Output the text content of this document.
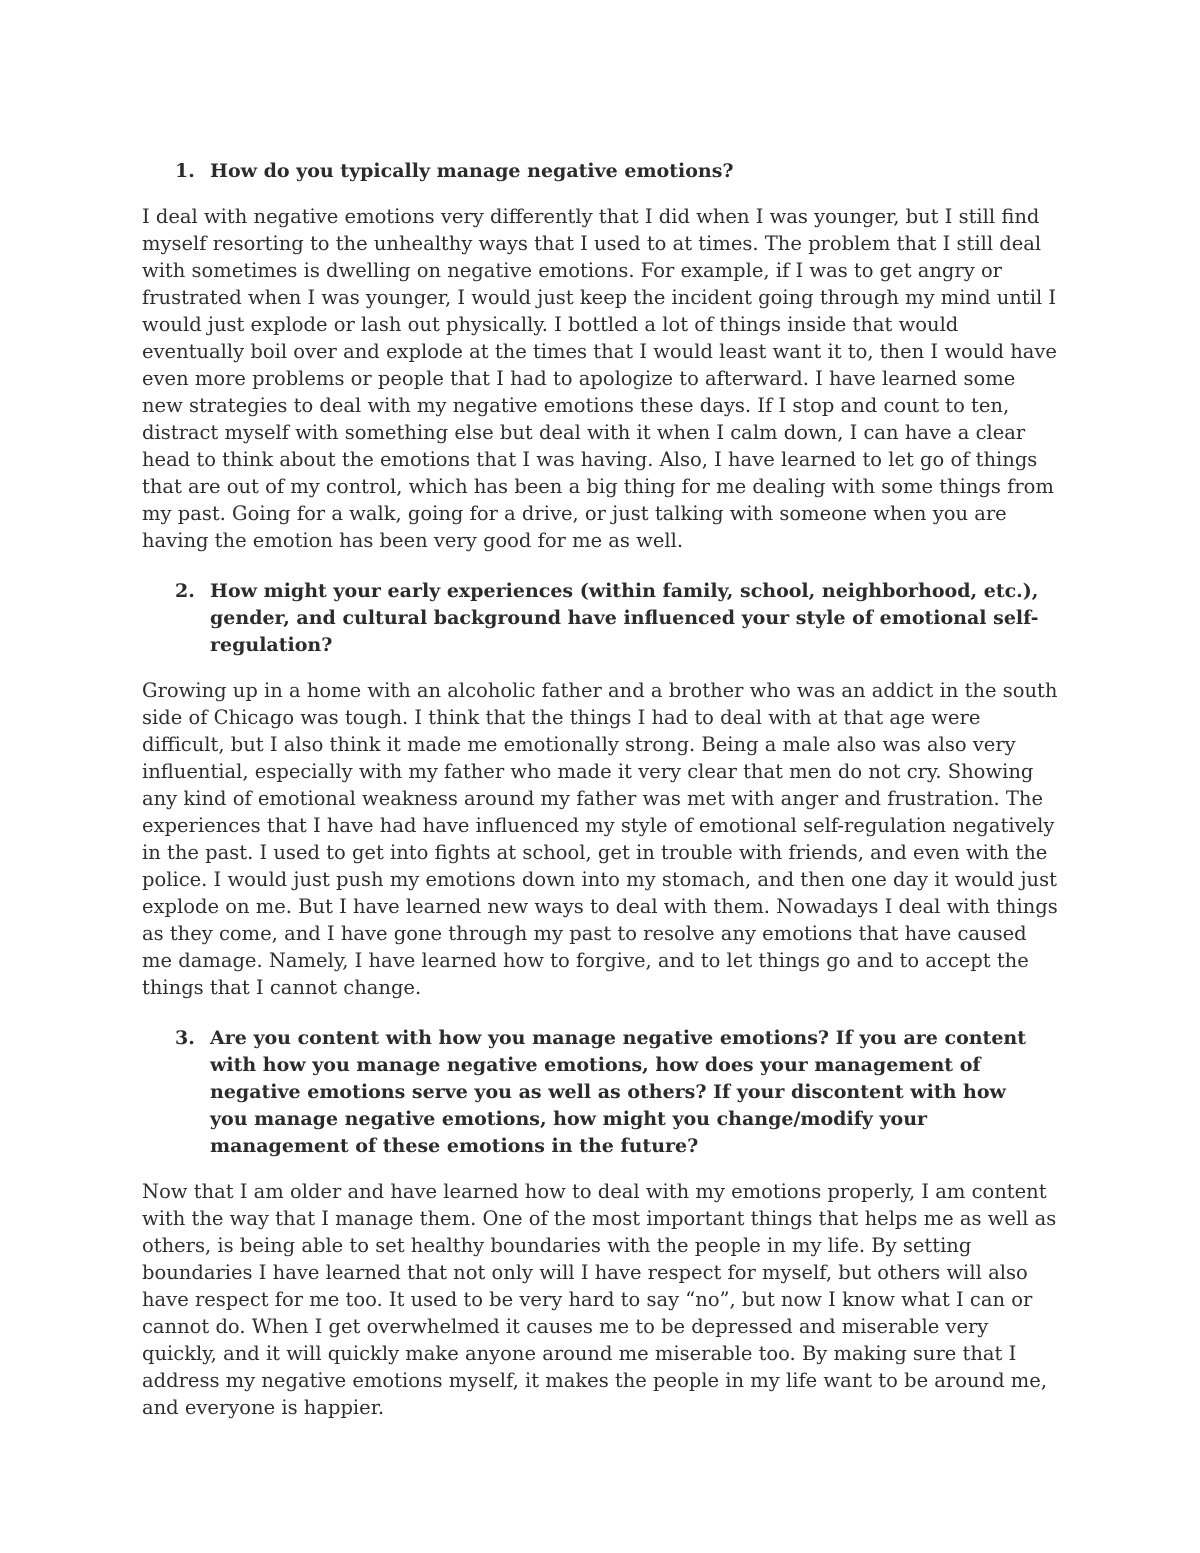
1. How do you typically manage negative emotions?

I deal with negative emotions very differently that I did when I was younger, but I still find myself resorting to the unhealthy ways that I used to at times. The problem that I still deal with sometimes is dwelling on negative emotions. For example, if I was to get angry or frustrated when I was younger, I would just keep the incident going through my mind until I would just explode or lash out physically. I bottled a lot of things inside that would eventually boil over and explode at the times that I would least want it to, then I would have even more problems or people that I had to apologize to afterward. I have learned some new strategies to deal with my negative emotions these days. If I stop and count to ten, distract myself with something else but deal with it when I calm down, I can have a clear head to think about the emotions that I was having. Also, I have learned to let go of things that are out of my control, which has been a big thing for me dealing with some things from my past. Going for a walk, going for a drive, or just talking with someone when you are having the emotion has been very good for me as well.

2. How might your early experiences (within family, school, neighborhood, etc.), gender, and cultural background have influenced your style of emotional self-regulation?

Growing up in a home with an alcoholic father and a brother who was an addict in the south side of Chicago was tough. I think that the things I had to deal with at that age were difficult, but I also think it made me emotionally strong. Being a male also was also very influential, especially with my father who made it very clear that men do not cry. Showing any kind of emotional weakness around my father was met with anger and frustration. The experiences that I have had have influenced my style of emotional self-regulation negatively in the past. I used to get into fights at school, get in trouble with friends, and even with the police. I would just push my emotions down into my stomach, and then one day it would just explode on me. But I have learned new ways to deal with them. Nowadays I deal with things as they come, and I have gone through my past to resolve any emotions that have caused me damage. Namely, I have learned how to forgive, and to let things go and to accept the things that I cannot change.

3. Are you content with how you manage negative emotions? If you are content with how you manage negative emotions, how does your management of negative emotions serve you as well as others? If your discontent with how you manage negative emotions, how might you change/modify your management of these emotions in the future?

Now that I am older and have learned how to deal with my emotions properly, I am content with the way that I manage them. One of the most important things that helps me as well as others, is being able to set healthy boundaries with the people in my life. By setting boundaries I have learned that not only will I have respect for myself, but others will also have respect for me too. It used to be very hard to say “no”, but now I know what I can or cannot do. When I get overwhelmed it causes me to be depressed and miserable very quickly, and it will quickly make anyone around me miserable too. By making sure that I address my negative emotions myself, it makes the people in my life want to be around me, and everyone is happier.
